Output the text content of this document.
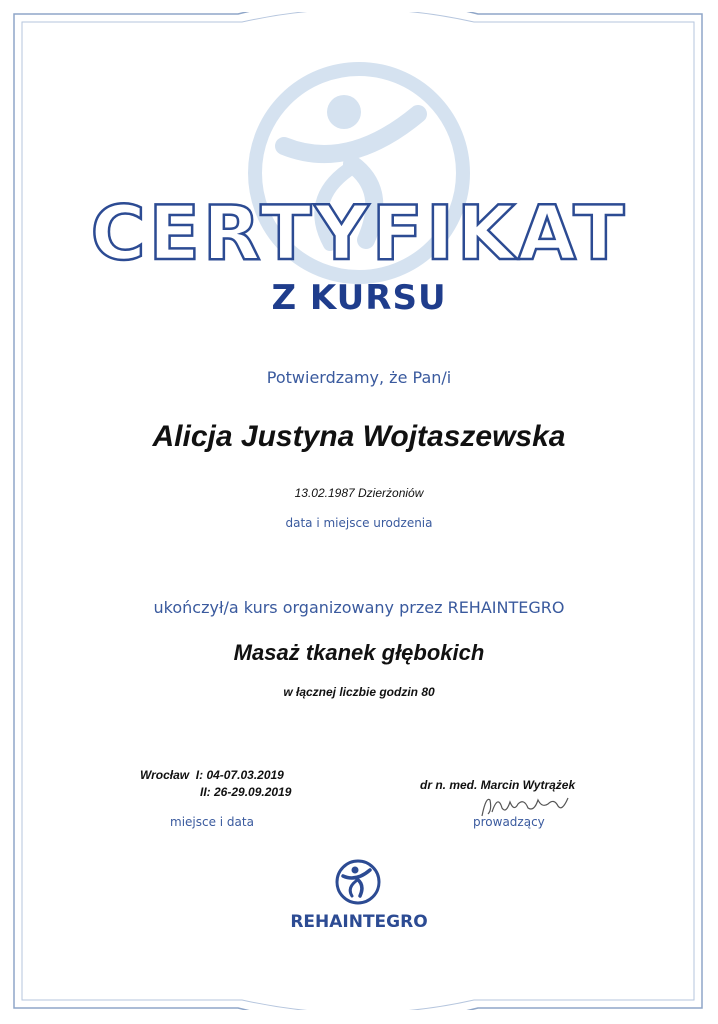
CERTYFIKAT
Z KURSU
Potwierdzamy, że Pan/i
Alicja Justyna Wojtaszewska
13.02.1987 Dzierżoniów
data i miejsce urodzenia
ukończył/a kurs organizowany przez REHAINTEGRO
Masaż tkanek głębokich
w łącznej liczbie godzin 80
Wrocław  I: 04-07.03.2019
II: 26-29.09.2019
miejsce i data
dr n. med. Marcin Wytrążek
prowadzący
REHAINTEGRO
